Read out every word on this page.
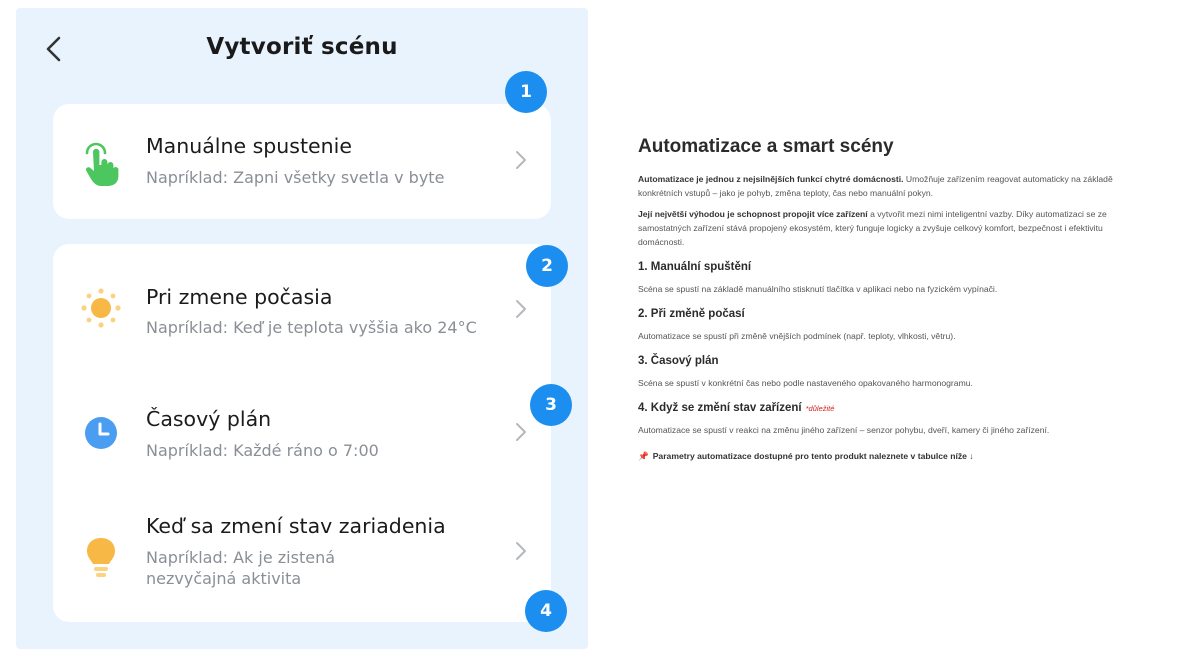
Vytvoriť scénu
Manuálne spustenie
Napríklad: Zapni všetky svetla v byte
Pri zmene počasia
Napríklad: Keď je teplota vyššia ako 24°C
Časový plán
Napríklad: Každé ráno o 7:00
Keď sa zmení stav zariadenia
Napríklad: Ak je zistená
nezvyčajná aktivita
1
2
3
4
Automatizace a smart scény

Automatizace je jednou z nejsilnějších funkcí chytré domácnosti. Umožňuje zařízením reagovat automaticky na základě konkrétních vstupů – jako je pohyb, změna teploty, čas nebo manuální pokyn.

Její největší výhodou je schopnost propojit více zařízení a vytvořit mezi nimi inteligentní vazby. Díky automatizaci se ze samostatných zařízení stává propojený ekosystém, který funguje logicky a zvyšuje celkový komfort, bezpečnost i efektivitu domácnosti.

1. Manuální spuštění

Scéna se spustí na základě manuálního stisknutí tlačítka v aplikaci nebo na fyzickém vypínači.

2. Při změně počasí

Automatizace se spustí při změně vnějších podmínek (např. teploty, vlhkosti, větru).

3. Časový plán

Scéna se spustí v konkrétní čas nebo podle nastaveného opakovaného harmonogramu.

4. Když se změní stav zařízení *důležité

Automatizace se spustí v reakci na změnu jiného zařízení – senzor pohybu, dveří, kamery či jiného zařízení.

📌 Parametry automatizace dostupné pro tento produkt naleznete v tabulce níže ↓
